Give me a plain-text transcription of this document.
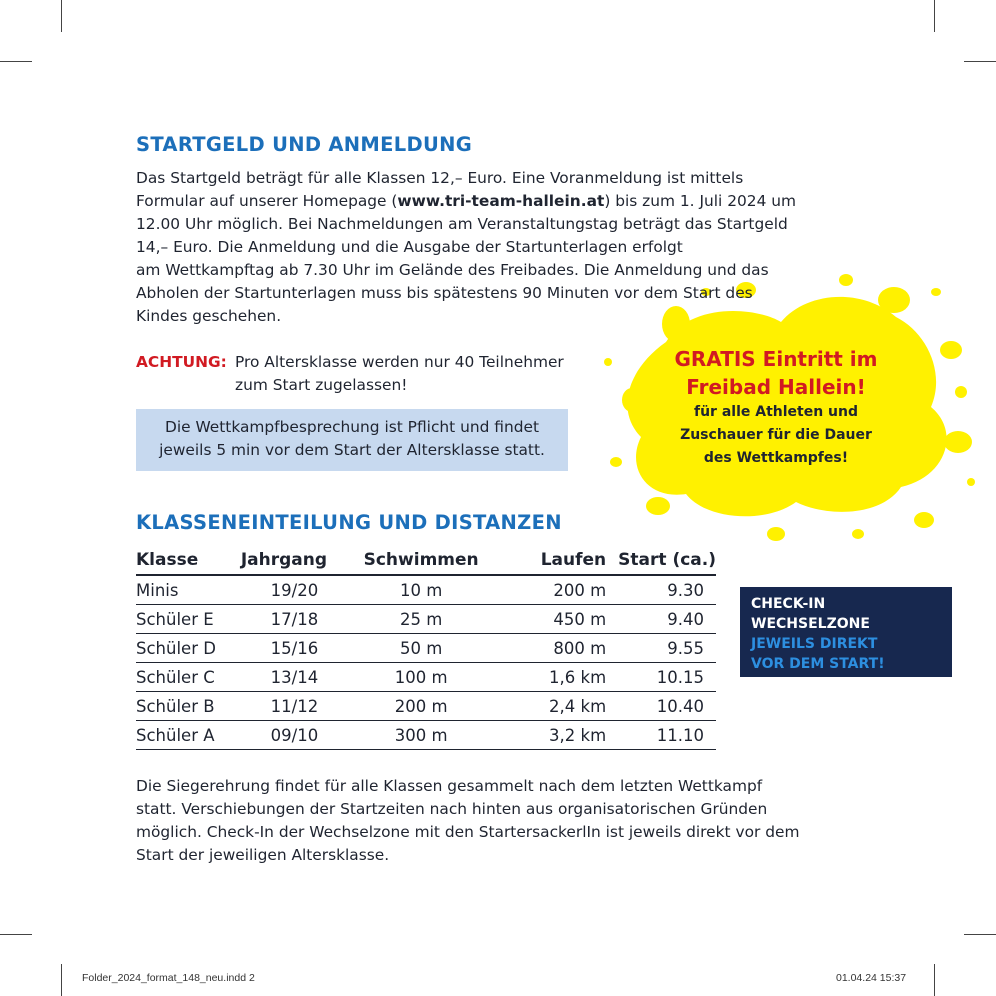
STARTGELD UND ANMELDUNG
Das Startgeld beträgt für alle Klassen 12,– Euro. Eine Voranmeldung ist mittels
Formular auf unserer Homepage (www.tri-team-hallein.at) bis zum 1. Juli 2024 um
12.00 Uhr möglich. Bei Nachmeldungen am Veranstaltungstag beträgt das Startgeld
14,– Euro. Die Anmeldung und die Ausgabe der Startunterlagen erfolgt
am Wettkampftag ab 7.30 Uhr im Gelände des Freibades. Die Anmeldung und das
Abholen der Startunterlagen muss bis spätestens 90 Minuten vor dem Start des
Kindes geschehen.
ACHTUNG: Pro Altersklasse werden nur 40 Teilnehmer
zum Start zugelassen!
Die Wettkampfbesprechung ist Pflicht und findet
jeweils 5 min vor dem Start der Altersklasse statt.
GRATIS Eintritt im
Freibad Hallein!
für alle Athleten und
Zuschauer für die Dauer
des Wettkampfes!
KLASSENEINTEILUNG UND DISTANZEN
Klasse	Jahrgang	Schwimmen	Laufen	Start (ca.)
Minis	19/20	10 m	200 m	9.30
Schüler E	17/18	25 m	450 m	9.40
Schüler D	15/16	50 m	800 m	9.55
Schüler C	13/14	100 m	1,6 km	10.15
Schüler B	11/12	200 m	2,4 km	10.40
Schüler A	09/10	300 m	3,2 km	11.10
CHECK-IN
WECHSELZONE
JEWEILS DIREKT
VOR DEM START!
Die Siegerehrung findet für alle Klassen gesammelt nach dem letzten Wettkampf
statt. Verschiebungen der Startzeiten nach hinten aus organisatorischen Gründen
möglich. Check-In der Wechselzone mit den StartersackerlIn ist jeweils direkt vor dem
Start der jeweiligen Altersklasse.
Folder_2024_format_148_neu.indd 2	01.04.24 15:37
